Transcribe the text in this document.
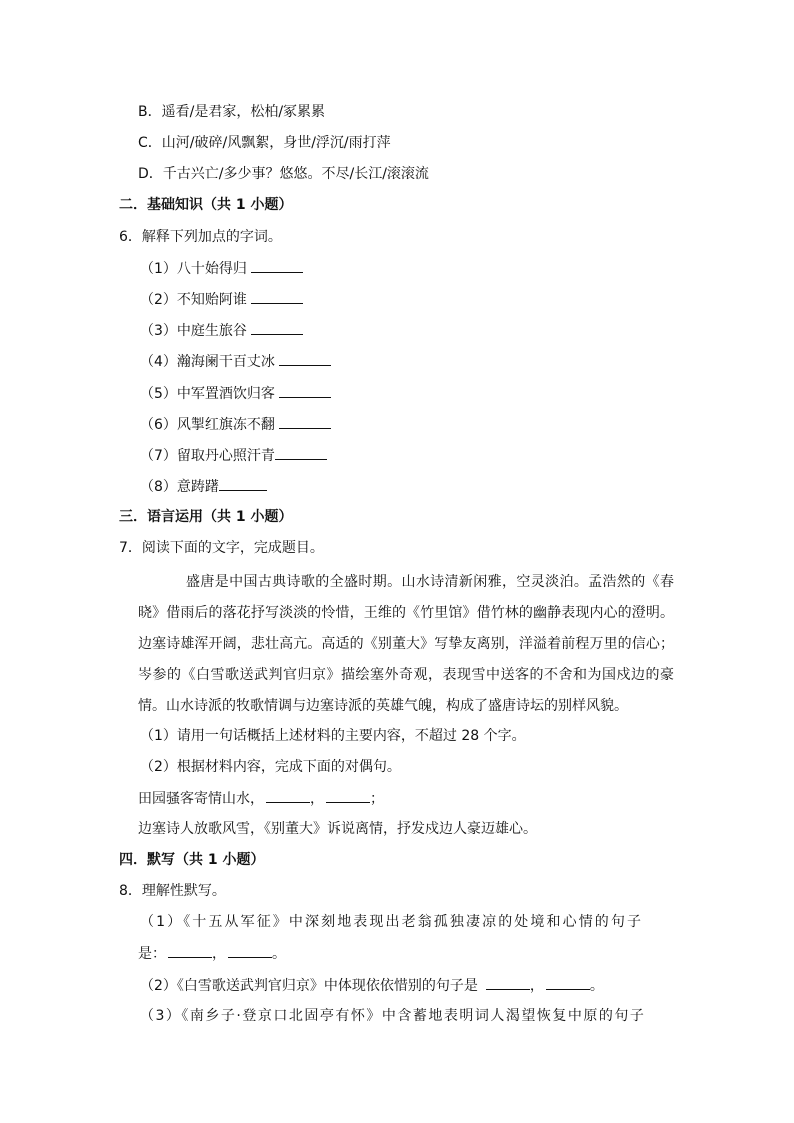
B．遥看/是君家，松柏/冢累累
C．山河/破碎/风飘絮，身世/浮沉/雨打萍
D．千古兴亡/多少事？悠悠。不尽/长江/滚滚流
二．基础知识（共 1 小题）
6．解释下列加点的字词。
（1）八十始得归
（2）不知贻阿谁
（3）中庭生旅谷
（4）瀚海阑干百丈冰
（5）中军置酒饮归客
（6）风掣红旗冻不翻
（7）留取丹心照汗青
（8）意踌躇
三．语言运用（共 1 小题）
7．阅读下面的文字，完成题目。
盛唐是中国古典诗歌的全盛时期。山水诗清新闲雅，空灵淡泊。孟浩然的《春晓》借雨后的落花抒写淡淡的怜惜，王维的《竹里馆》借竹林的幽静表现内心的澄明。边塞诗雄浑开阔，悲壮高亢。高适的《别董大》写挚友离别，洋溢着前程万里的信心；岑参的《白雪歌送武判官归京》描绘塞外奇观，表现雪中送客的不舍和为国戍边的豪情。山水诗派的牧歌情调与边塞诗派的英雄气魄，构成了盛唐诗坛的别样风貌。
（1）请用一句话概括上述材料的主要内容，不超过 28 个字。
（2）根据材料内容，完成下面的对偶句。
田园骚客寄情山水，	，	；
边塞诗人放歌风雪，《别董大》诉说离情，抒发戍边人豪迈雄心。
四．默写（共 1 小题）
8．理解性默写。
（1）《十五从军征》中深刻地表现出老翁孤独凄凉的处境和心情的句子
是：	，	。
（2）《白雪歌送武判官归京》中体现依依惜别的句子是	，	。
（3）《南乡子·登京口北固亭有怀》中含蓄地表明词人渴望恢复中原的句子
